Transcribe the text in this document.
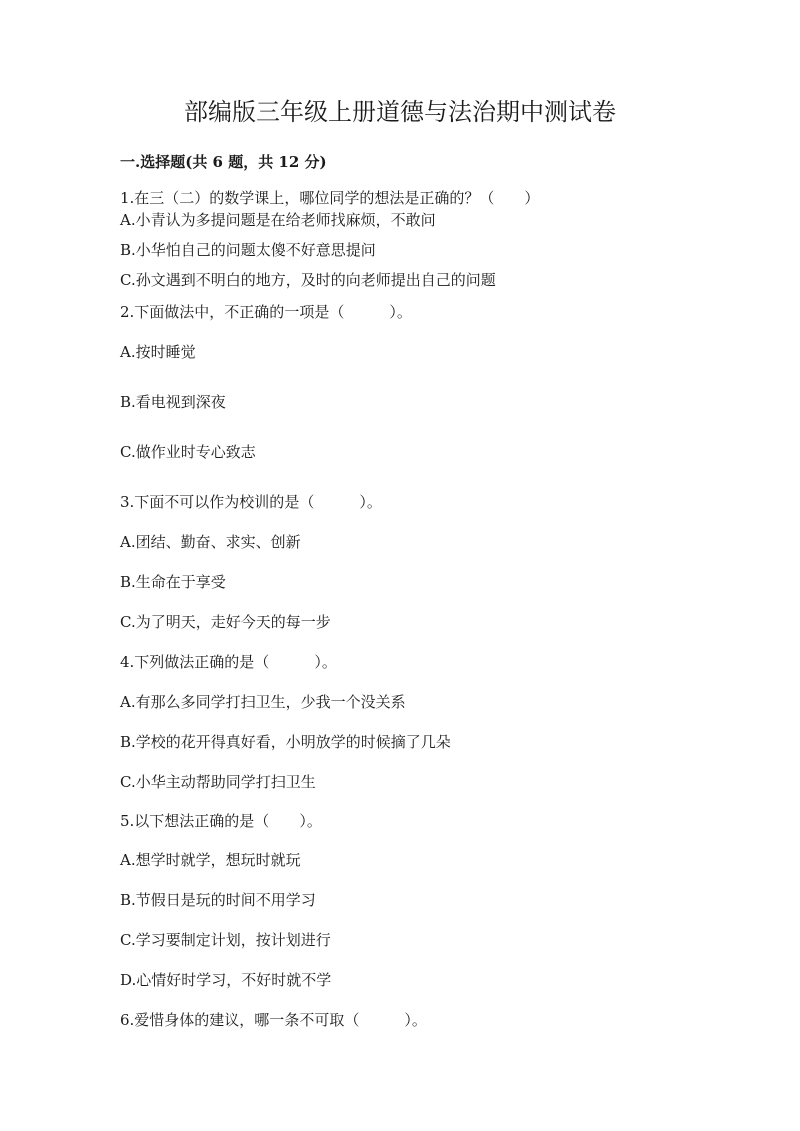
部编版三年级上册道德与法治期中测试卷
一.选择题(共 6 题，共 12 分)
1.在三（二）的数学课上，哪位同学的想法是正确的？（　　）
A.小青认为多提问题是在给老师找麻烦，不敢问
B.小华怕自己的问题太傻不好意思提问
C.孙文遇到不明白的地方，及时的向老师提出自己的问题
2.下面做法中，不正确的一项是（　　　）。
A.按时睡觉
B.看电视到深夜
C.做作业时专心致志
3.下面不可以作为校训的是（　　　）。
A.团结、勤奋、求实、创新
B.生命在于享受
C.为了明天，走好今天的每一步
4.下列做法正确的是（　　　）。
A.有那么多同学打扫卫生，少我一个没关系
B.学校的花开得真好看，小明放学的时候摘了几朵
C.小华主动帮助同学打扫卫生
5.以下想法正确的是（　　）。
A.想学时就学，想玩时就玩
B.节假日是玩的时间不用学习
C.学习要制定计划，按计划进行
D.心情好时学习，不好时就不学
6.爱惜身体的建议，哪一条不可取（　　　）。
